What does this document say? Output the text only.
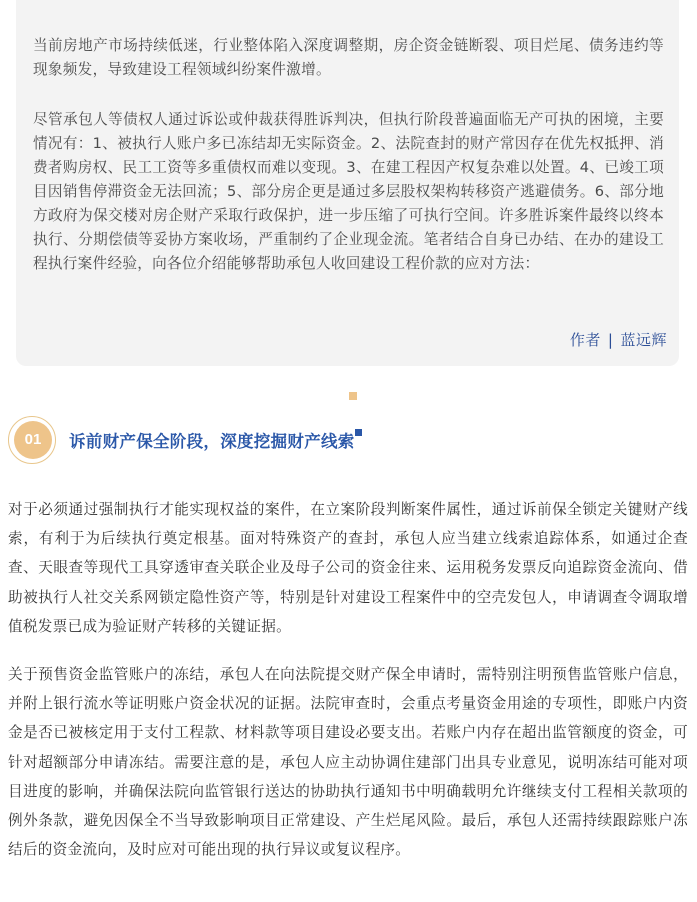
当前房地产市场持续低迷，行业整体陷入深度调整期，房企资金链断裂、项目烂尾、债务违约等现象频发，导致建设工程领域纠纷案件激增。

尽管承包人等债权人通过诉讼或仲裁获得胜诉判决，但执行阶段普遍面临无产可执的困境，主要情况有：1、被执行人账户多已冻结却无实际资金。2、法院查封的财产常因存在优先权抵押、消费者购房权、民工工资等多重债权而难以变现。3、在建工程因产权复杂难以处置。4、已竣工项目因销售停滞资金无法回流；5、部分房企更是通过多层股权架构转移资产逃避债务。6、部分地方政府为保交楼对房企财产采取行政保护，进一步压缩了可执行空间。许多胜诉案件最终以终本执行、分期偿债等妥协方案收场，严重制约了企业现金流。笔者结合自身已办结、在办的建设工程执行案件经验，向各位介绍能够帮助承包人收回建设工程价款的应对方法：

作者 | 蓝远辉
01	诉前财产保全阶段，深度挖掘财产线索

对于必须通过强制执行才能实现权益的案件，在立案阶段判断案件属性，通过诉前保全锁定关键财产线索，有利于为后续执行奠定根基。面对特殊资产的查封，承包人应当建立线索追踪体系，如通过企查查、天眼查等现代工具穿透审查关联企业及母子公司的资金往来、运用税务发票反向追踪资金流向、借助被执行人社交关系网锁定隐性资产等，特别是针对建设工程案件中的空壳发包人，申请调查令调取增值税发票已成为验证财产转移的关键证据。

关于预售资金监管账户的冻结，承包人在向法院提交财产保全申请时，需特别注明预售监管账户信息，并附上银行流水等证明账户资金状况的证据。法院审查时，会重点考量资金用途的专项性，即账户内资金是否已被核定用于支付工程款、材料款等项目建设必要支出。若账户内存在超出监管额度的资金，可针对超额部分申请冻结。需要注意的是，承包人应主动协调住建部门出具专业意见，说明冻结可能对项目进度的影响，并确保法院向监管银行送达的协助执行通知书中明确载明允许继续支付工程相关款项的例外条款，避免因保全不当导致影响项目正常建设、产生烂尾风险。最后，承包人还需持续跟踪账户冻结后的资金流向，及时应对可能出现的执行异议或复议程序。
